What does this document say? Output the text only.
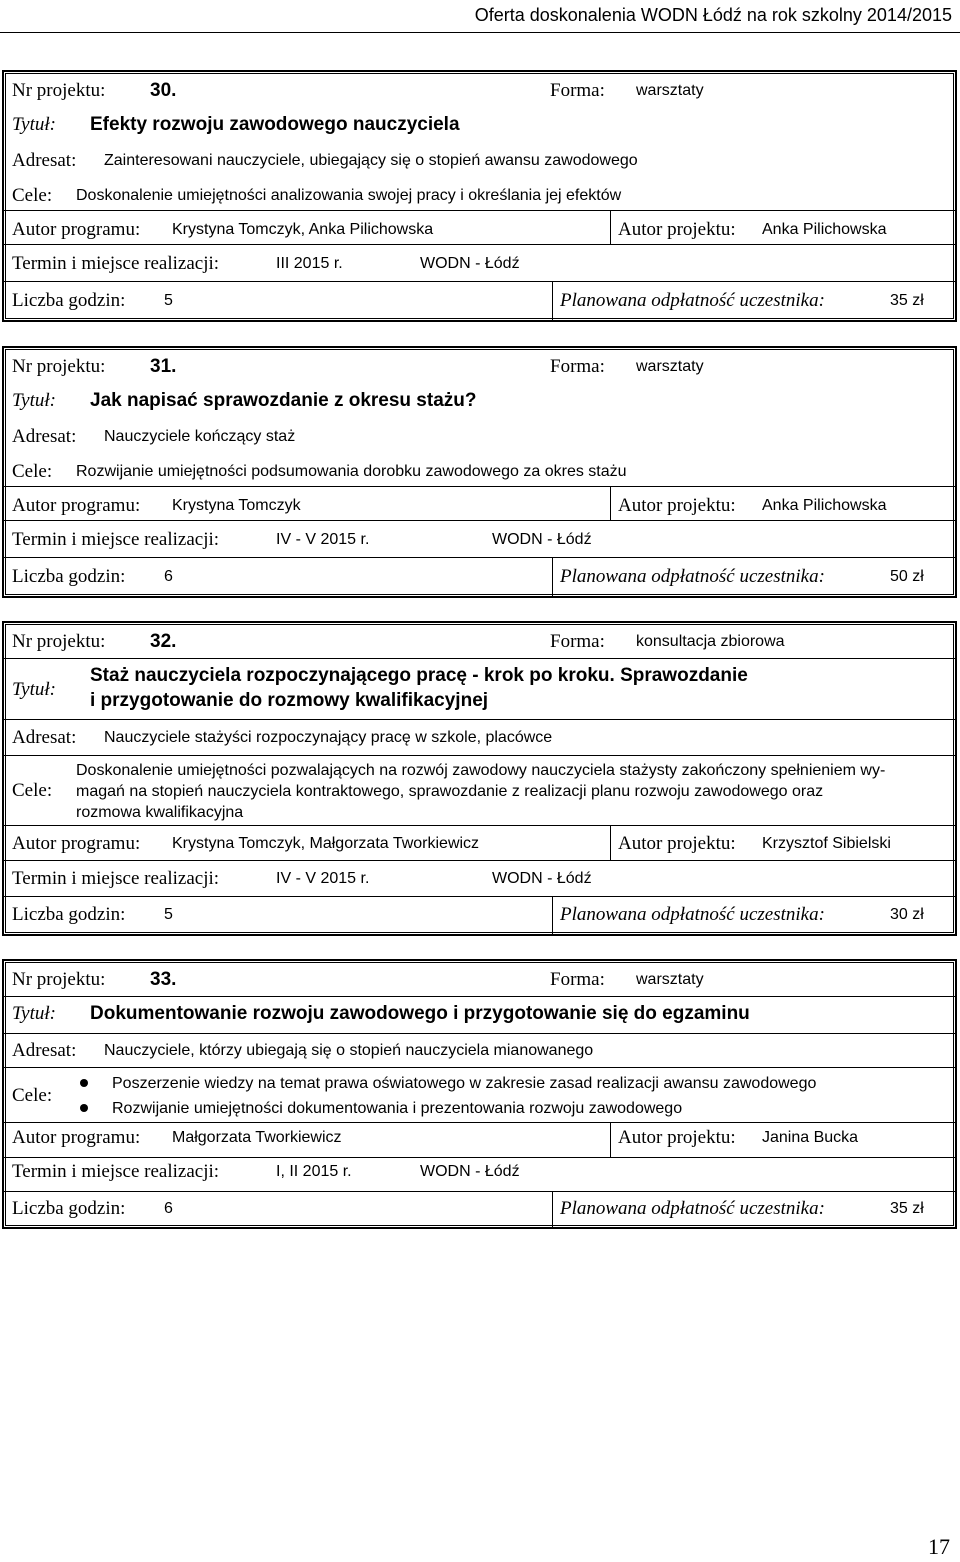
Oferta doskonalenia WODN Łódź na rok szkolny 2014/2015
Nr projektu: 30.	Forma: warsztaty
Tytuł: Efekty rozwoju zawodowego nauczyciela
Adresat: Zainteresowani nauczyciele, ubiegający się o stopień awansu zawodowego
Cele: Doskonalenie umiejętności analizowania swojej pracy i określania jej efektów
Autor programu: Krystyna Tomczyk, Anka Pilichowska	Autor projektu: Anka Pilichowska
Termin i miejsce realizacji:	III 2015 r.	WODN - Łódź
Liczba godzin: 5	Planowana odpłatność uczestnika:	35 zł
Nr projektu: 31.	Forma: warsztaty
Tytuł: Jak napisać sprawozdanie z okresu stażu?
Adresat: Nauczyciele kończący staż
Cele: Rozwijanie umiejętności podsumowania dorobku zawodowego za okres stażu
Autor programu: Krystyna Tomczyk	Autor projektu: Anka Pilichowska
Termin i miejsce realizacji:	IV - V 2015 r.	WODN - Łódź
Liczba godzin: 6	Planowana odpłatność uczestnika:	50 zł
Nr projektu: 32.	Forma: konsultacja zbiorowa
Tytuł:
Staż nauczyciela rozpoczynającego pracę - krok po kroku. Sprawozdanie
i przygotowanie do rozmowy kwalifikacyjnej
Adresat: Nauczyciele stażyści rozpoczynający pracę w szkole, placówce
Cele:
Doskonalenie umiejętności pozwalających na rozwój zawodowy nauczyciela stażysty zakończony spełnieniem wy-
magań na stopień nauczyciela kontraktowego, sprawozdanie z realizacji planu rozwoju zawodowego oraz
rozmowa kwalifikacyjna
Autor programu: Krystyna Tomczyk, Małgorzata Tworkiewicz	Autor projektu: Krzysztof Sibielski
Termin i miejsce realizacji:	IV - V 2015 r.	WODN - Łódź
Liczba godzin: 5	Planowana odpłatność uczestnika:	30 zł
Nr projektu: 33.	Forma: warsztaty
Tytuł: Dokumentowanie rozwoju zawodowego i przygotowanie się do egzaminu
Adresat: Nauczyciele, którzy ubiegają się o stopień nauczyciela mianowanego
Cele:
Poszerzenie wiedzy na temat prawa oświatowego w zakresie zasad realizacji awansu zawodowego
Rozwijanie umiejętności dokumentowania i prezentowania rozwoju zawodowego
Autor programu: Małgorzata Tworkiewicz	Autor projektu: Janina Bucka
Termin i miejsce realizacji:	I, II 2015 r.	WODN - Łódź
Liczba godzin: 6	Planowana odpłatność uczestnika:	35 zł
17
